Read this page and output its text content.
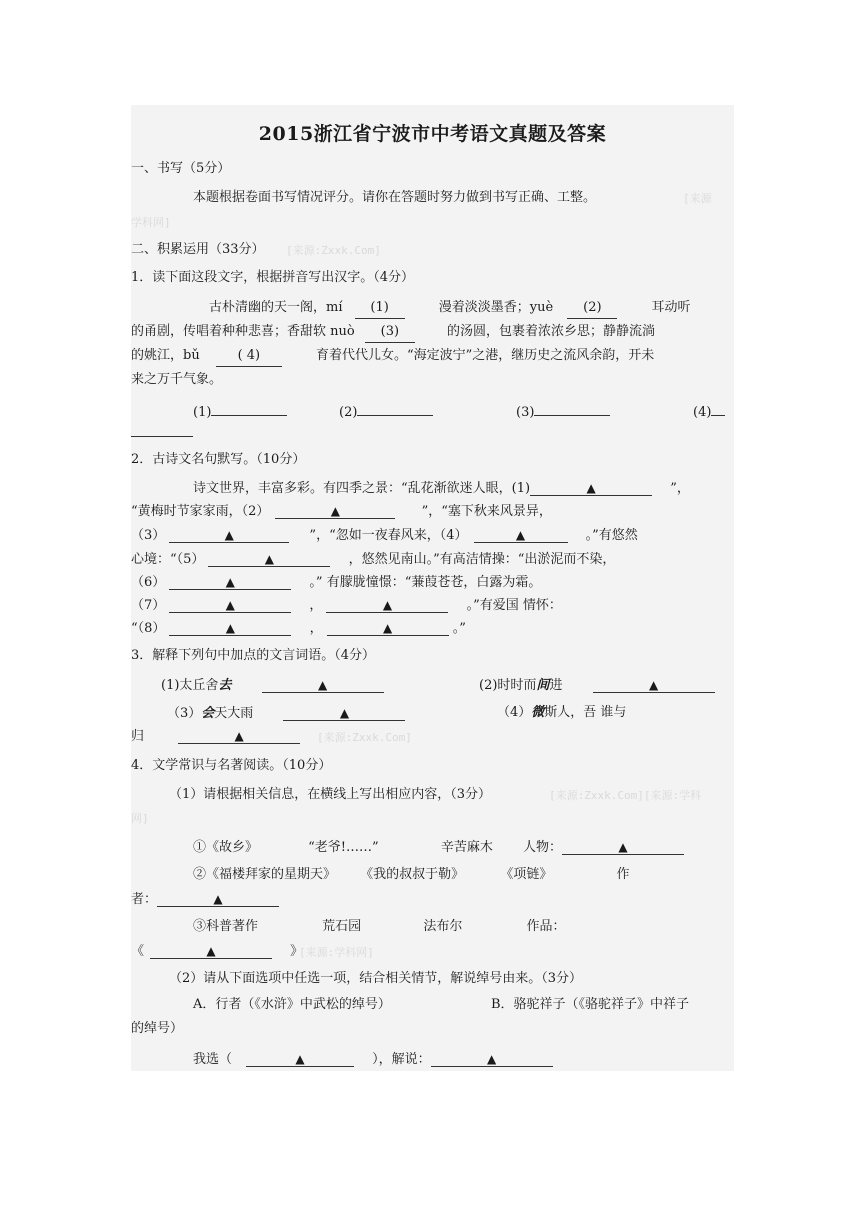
2015浙江省宁波市中考语文真题及答案
一、书写（5分）
本题根据卷面书写情况评分。请你在答题时努力做到书写正确、工整。	[来源
学科网]
二、积累运用（33分） [来源:Zxxk.Com]
1．读下面这段文字，根据拼音写出汉字。（4分）
古朴清幽的天一阁，mí (1)	漫着淡淡墨香；yuè (2)	耳动听
的甬剧，传唱着种种悲喜；香甜软 nuò (3)	的汤圆，包裹着浓浓乡思；静静流淌
的姚江，bǔ	( 4)	育着代代儿女。“海定波宁”之港，继历史之流风余韵，开未
来之万千气象。
(1)	(2)	(3)	(4)
2．古诗文名句默写。（10分）
诗文世界，丰富多彩。有四季之景：“乱花渐欲迷人眼，(1)	▲	”，
“黄梅时节家家雨，（2）	▲	”，“塞下秋来风景异，
（3）	▲	”，“忽如一夜春风来，（4）	▲	。”有悠然
心境：“（5）	▲	，悠然见南山。”有高洁情操：“出淤泥而不染，
（6）	▲	。” 有朦胧憧憬：“蒹葭苍苍，白露为霜。
（7）	▲	，	▲	。”有爱国 情怀：
“（8）	▲	，	▲	。”
3．解释下列句中加点的文言词语。（4分）
(1)太丘舍去	▲	(2)时时而间进	▲
（3）会天大雨	▲	（4）微斯人，吾 谁与
归	▲	[来源:Zxxk.Com]
4．文学常识与名著阅读。（10分）
（1）请根据相关信息，在横线上写出相应内容，（3分）	[来源:Zxxk.Com][来源:学科
网]
①《故乡》	“老爷!……”	辛苦麻木 人物：	▲
②《福楼拜家的星期天》 《我的叔叔于勒》	《项链》	作
者：	▲
③科普著作	荒石园	法布尔	作品：
《	▲	》
[来源:学科网]
（2）请从下面选项中任选一项，结合相关情节，解说绰号由来。（3分）
A．行者（《水浒》中武松的绰号）	B．骆驼祥子（《骆驼祥子》中祥子
的绰号）
我选（	▲	），解说：	▲
